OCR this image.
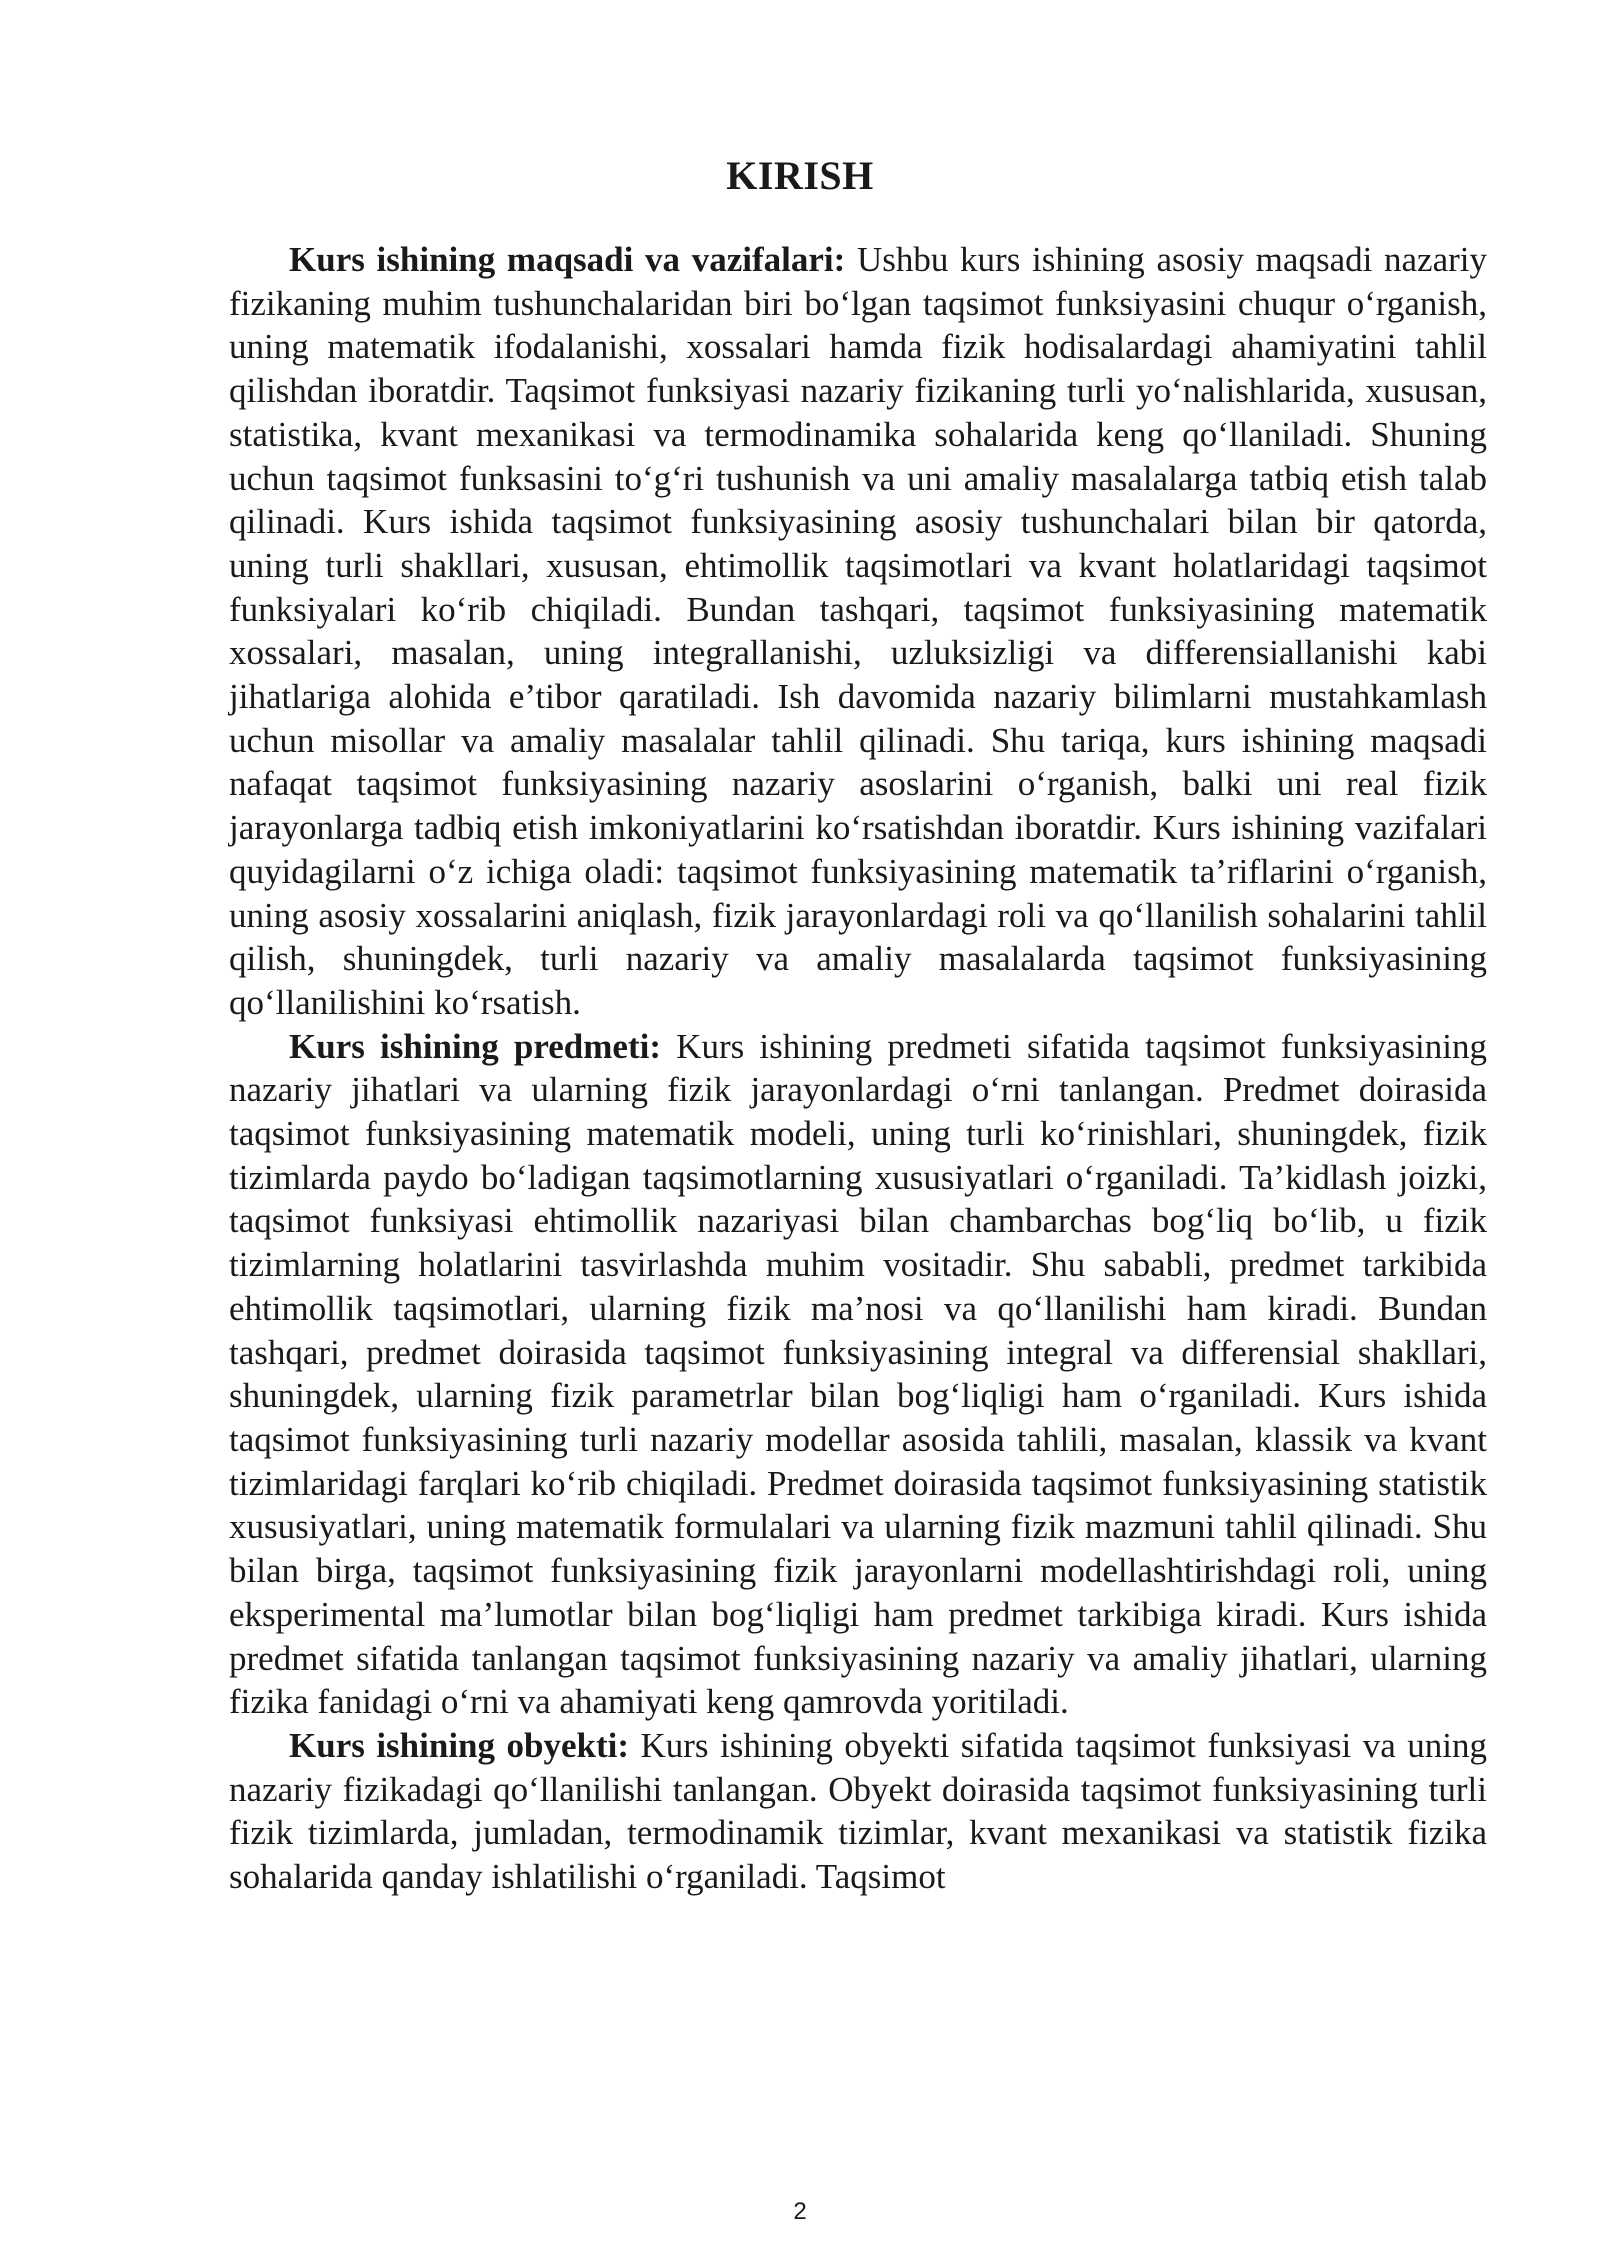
KIRISH

Kurs ishining maqsadi va vazifalari: Ushbu kurs ishining asosiy maqsadi nazariy fizikaning muhim tushunchalaridan biri bo‘lgan taqsimot funksiyasini chuqur o‘rganish, uning matematik ifodalanishi, xossalari hamda fizik hodisalardagi ahamiyatini tahlil qilishdan iboratdir. Taqsimot funksiyasi nazariy fizikaning turli yo‘nalishlarida, xususan, statistika, kvant mexanikasi va termodinamika sohalarida keng qo‘llaniladi. Shuning uchun taqsimot funksasini to‘g‘ri tushunish va uni amaliy masalalarga tatbiq etish talab qilinadi. Kurs ishida taqsimot funksiyasining asosiy tushunchalari bilan bir qatorda, uning turli shakllari, xususan, ehtimollik taqsimotlari va kvant holatlaridagi taqsimot funksiyalari ko‘rib chiqiladi. Bundan tashqari, taqsimot funksiyasining matematik xossalari, masalan, uning integrallanishi, uzluksizligi va differensiallanishi kabi jihatlariga alohida e’tibor qaratiladi. Ish davomida nazariy bilimlarni mustahkamlash uchun misollar va amaliy masalalar tahlil qilinadi. Shu tariqa, kurs ishining maqsadi nafaqat taqsimot funksiyasining nazariy asoslarini o‘rganish, balki uni real fizik jarayonlarga tadbiq etish imkoniyatlarini ko‘rsatishdan iboratdir. Kurs ishining vazifalari quyidagilarni o‘z ichiga oladi: taqsimot funksiyasining matematik ta’riflarini o‘rganish, uning asosiy xossalarini aniqlash, fizik jarayonlardagi roli va qo‘llanilish sohalarini tahlil qilish, shuningdek, turli nazariy va amaliy masalalarda taqsimot funksiyasining qo‘llanilishini ko‘rsatish.

Kurs ishining predmeti: Kurs ishining predmeti sifatida taqsimot funksiyasining nazariy jihatlari va ularning fizik jarayonlardagi o‘rni tanlangan. Predmet doirasida taqsimot funksiyasining matematik modeli, uning turli ko‘rinishlari, shuningdek, fizik tizimlarda paydo bo‘ladigan taqsimotlarning xususiyatlari o‘rganiladi. Ta’kidlash joizki, taqsimot funksiyasi ehtimollik nazariyasi bilan chambarchas bog‘liq bo‘lib, u fizik tizimlarning holatlarini tasvirlashda muhim vositadir. Shu sababli, predmet tarkibida ehtimollik taqsimotlari, ularning fizik ma’nosi va qo‘llanilishi ham kiradi. Bundan tashqari, predmet doirasida taqsimot funksiyasining integral va differensial shakllari, shuningdek, ularning fizik parametrlar bilan bog‘liqligi ham o‘rganiladi. Kurs ishida taqsimot funksiyasining turli nazariy modellar asosida tahlili, masalan, klassik va kvant tizimlaridagi farqlari ko‘rib chiqiladi. Predmet doirasida taqsimot funksiyasining statistik xususiyatlari, uning matematik formulalari va ularning fizik mazmuni tahlil qilinadi. Shu bilan birga, taqsimot funksiyasining fizik jarayonlarni modellashtirishdagi roli, uning eksperimental ma’lumotlar bilan bog‘liqligi ham predmet tarkibiga kiradi. Kurs ishida predmet sifatida tanlangan taqsimot funksiyasining nazariy va amaliy jihatlari, ularning fizika fanidagi o‘rni va ahamiyati keng qamrovda yoritiladi.

Kurs ishining obyekti: Kurs ishining obyekti sifatida taqsimot funksiyasi va uning nazariy fizikadagi qo‘llanilishi tanlangan. Obyekt doirasida taqsimot funksiyasining turli fizik tizimlarda, jumladan, termodinamik tizimlar, kvant mexanikasi va statistik fizika sohalarida qanday ishlatilishi o‘rganiladi. Taqsimot

2
